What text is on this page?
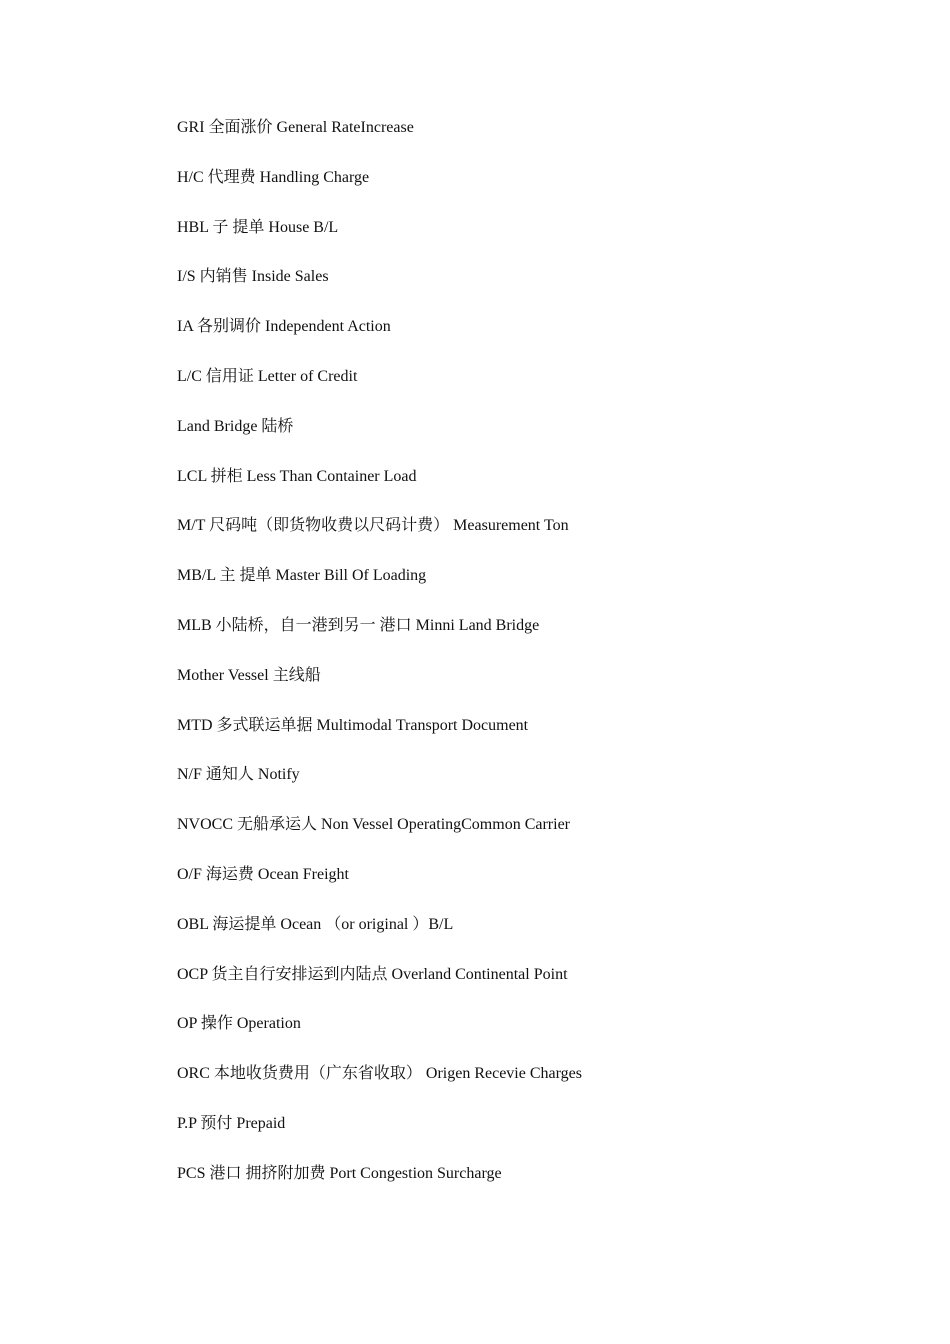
GRI 全面涨价 General RateIncrease
H/C 代理费 Handling Charge
HBL 子 提单 House B/L
I/S 内销售 Inside Sales
IA 各别调价 Independent Action
L/C 信用证 Letter of Credit
Land Bridge 陆桥
LCL 拼柜 Less Than Container Load
M/T 尺码吨（即货物收费以尺码计费） Measurement Ton
MB/L 主 提单 Master Bill Of Loading
MLB 小陆桥，自一港到另一 港口 Minni Land Bridge
Mother Vessel 主线船
MTD 多式联运单据 Multimodal Transport Document
N/F 通知人 Notify
NVOCC 无船承运人 Non Vessel OperatingCommon Carrier
O/F 海运费 Ocean Freight
OBL 海运提单 Ocean （or original ）B/L
OCP 货主自行安排运到内陆点 Overland Continental Point
OP 操作 Operation
ORC 本地收货费用（广东省收取） Origen Recevie Charges
P.P 预付 Prepaid
PCS 港口 拥挤附加费 Port Congestion Surcharge
